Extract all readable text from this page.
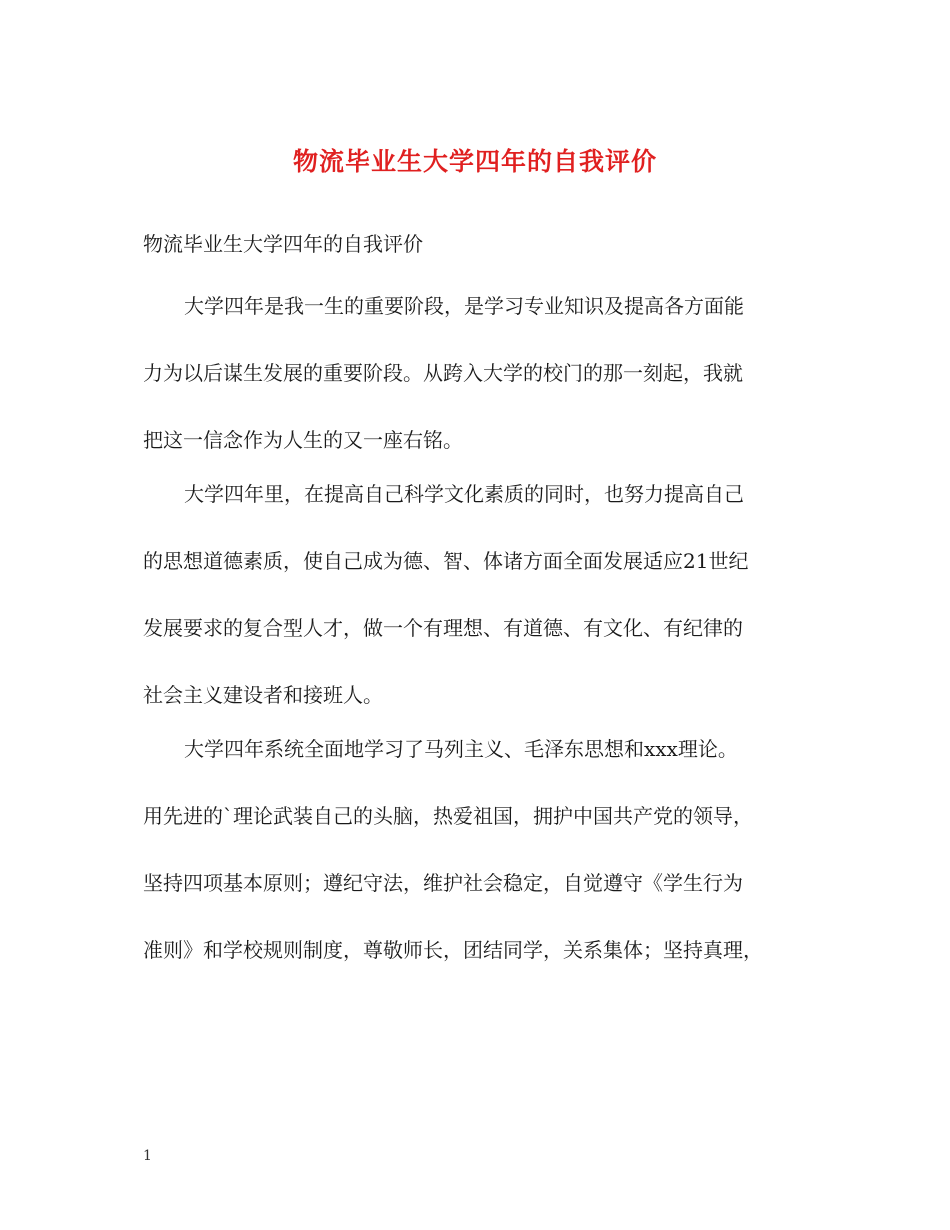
物流毕业生大学四年的自我评价
物流毕业生大学四年的自我评价
大学四年是我一生的重要阶段，是学习专业知识及提高各方面能
力为以后谋生发展的重要阶段。从跨入大学的校门的那一刻起，我就
把这一信念作为人生的又一座右铭。
大学四年里，在提高自己科学文化素质的同时，也努力提高自己
的思想道德素质，使自己成为德、智、体诸方面全面发展适应21世纪
发展要求的复合型人才，做一个有理想、有道德、有文化、有纪律的
社会主义建设者和接班人。
大学四年系统全面地学习了马列主义、毛泽东思想和xxx理论。
用先进的`理论武装自己的头脑，热爱祖国，拥护中国共产党的领导，
坚持四项基本原则；遵纪守法，维护社会稳定，自觉遵守《学生行为
准则》和学校规则制度，尊敬师长，团结同学，关系集体；坚持真理，
1
